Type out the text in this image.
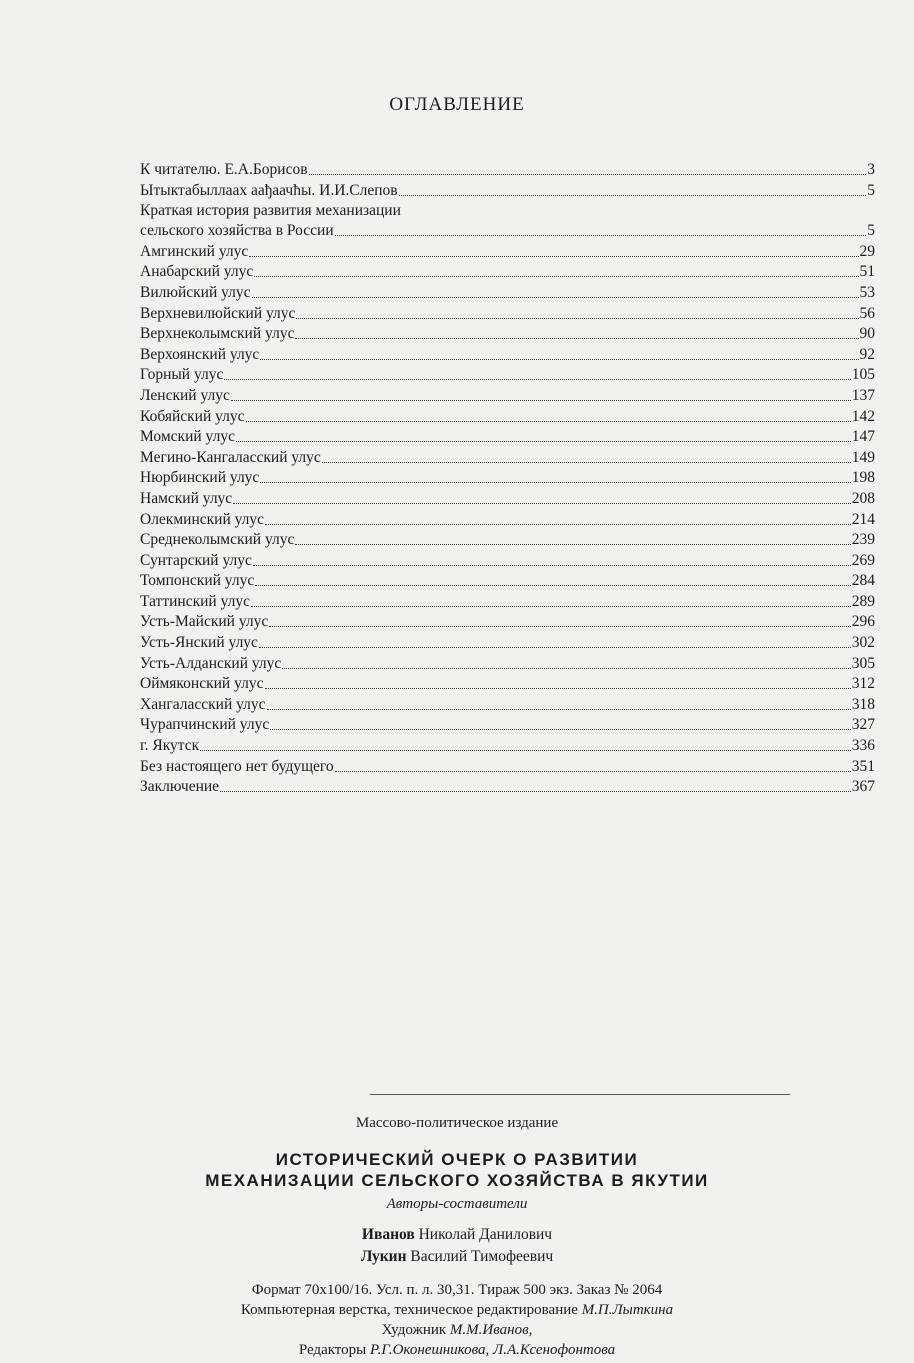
ОГЛАВЛЕНИЕ
К читателю. Е.А.Борисов	3
Ытыктабыллаах аађаачћы. И.И.Слепов	5
Краткая история развития механизации
сельского хозяйства в России	5
Амгинский улус	29
Анабарский улус	51
Вилюйский улус	53
Верхневилюйский улус	56
Верхнеколымский улус	90
Верхоянский улус	92
Горный улус	105
Ленский улус	137
Кобяйский улус	142
Момский улус	147
Мегино-Кангаласский улус	149
Нюрбинский улус	198
Намский улус	208
Олекминский улус	214
Среднеколымский улус	239
Сунтарский улус	269
Томпонский улус	284
Таттинский улус	289
Усть-Майский улус	296
Усть-Янский улус	302
Усть-Алданский улус	305
Оймяконский улус	312
Хангаласский улус	318
Чурапчинский улус	327
г. Якутск	336
Без настоящего нет будущего	351
Заключение	367
Массово-политическое издание
ИСТОРИЧЕСКИЙ ОЧЕРК О РАЗВИТИИ
МЕХАНИЗАЦИИ СЕЛЬСКОГО ХОЗЯЙСТВА В ЯКУТИИ
Авторы-составители
Иванов Николай Данилович
Лукин Василий Тимофеевич
Формат 70x100/16. Усл. п. л. 30,31. Тираж 500 экз. Заказ № 2064
Компьютерная верстка, техническое редактирование М.П.Лыткина
Художник М.М.Иванов,
Редакторы Р.Г.Оконешникова, Л.А.Ксенофонтова
